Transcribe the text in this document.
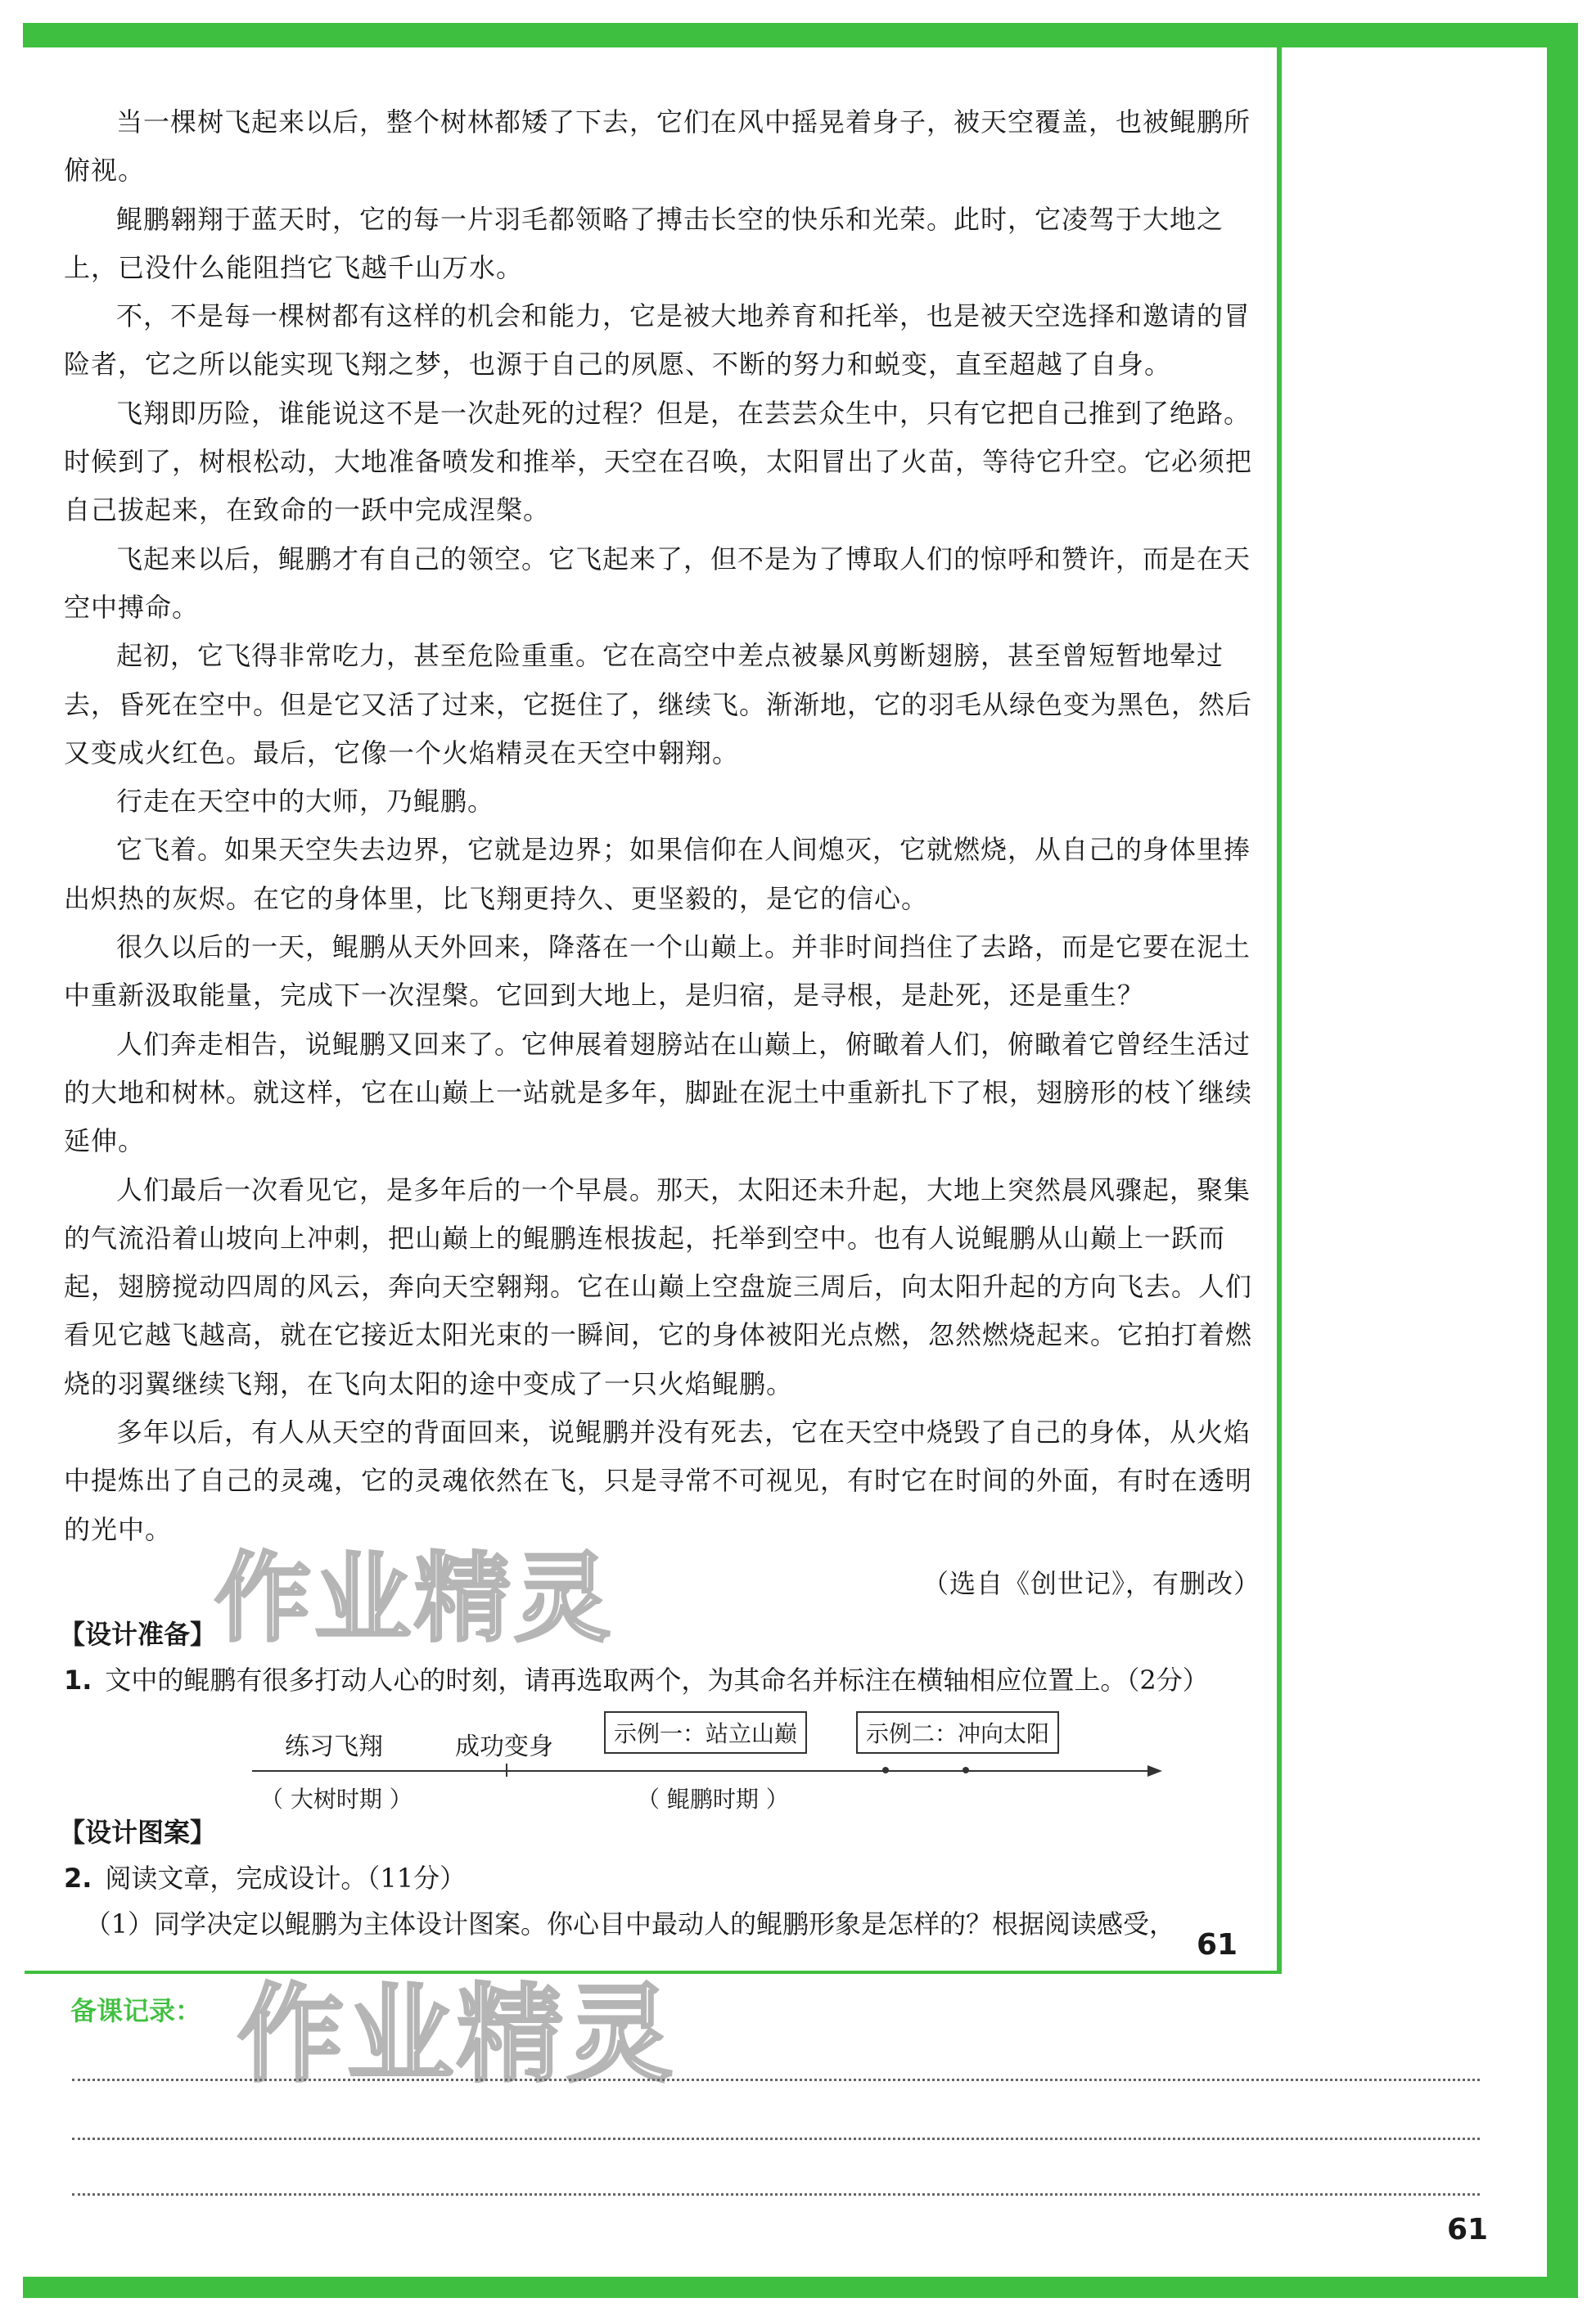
当一棵树飞起来以后，整个树林都矮了下去，它们在风中摇晃着身子，被天空覆盖，也被鲲鹏所俯视。

鲲鹏翱翔于蓝天时，它的每一片羽毛都领略了搏击长空的快乐和光荣。此时，它凌驾于大地之上，已没什么能阻挡它飞越千山万水。

不，不是每一棵树都有这样的机会和能力，它是被大地养育和托举，也是被天空选择和邀请的冒险者，它之所以能实现飞翔之梦，也源于自己的夙愿、不断的努力和蜕变，直至超越了自身。

飞翔即历险，谁能说这不是一次赴死的过程？但是，在芸芸众生中，只有它把自己推到了绝路。时候到了，树根松动，大地准备喷发和推举，天空在召唤，太阳冒出了火苗，等待它升空。它必须把自己拔起来，在致命的一跃中完成涅槃。

飞起来以后，鲲鹏才有自己的领空。它飞起来了，但不是为了博取人们的惊呼和赞许，而是在天空中搏命。

起初，它飞得非常吃力，甚至危险重重。它在高空中差点被暴风剪断翅膀，甚至曾短暂地晕过去，昏死在空中。但是它又活了过来，它挺住了，继续飞。渐渐地，它的羽毛从绿色变为黑色，然后又变成火红色。最后，它像一个火焰精灵在天空中翱翔。

行走在天空中的大师，乃鲲鹏。

它飞着。如果天空失去边界，它就是边界；如果信仰在人间熄灭，它就燃烧，从自己的身体里捧出炽热的灰烬。在它的身体里，比飞翔更持久、更坚毅的，是它的信心。

很久以后的一天，鲲鹏从天外回来，降落在一个山巅上。并非时间挡住了去路，而是它要在泥土中重新汲取能量，完成下一次涅槃。它回到大地上，是归宿，是寻根，是赴死，还是重生？

人们奔走相告，说鲲鹏又回来了。它伸展着翅膀站在山巅上，俯瞰着人们，俯瞰着它曾经生活过的大地和树林。就这样，它在山巅上一站就是多年，脚趾在泥土中重新扎下了根，翅膀形的枝丫继续延伸。

人们最后一次看见它，是多年后的一个早晨。那天，太阳还未升起，大地上突然晨风骤起，聚集的气流沿着山坡向上冲刺，把山巅上的鲲鹏连根拔起，托举到空中。也有人说鲲鹏从山巅上一跃而起，翅膀搅动四周的风云，奔向天空翱翔。它在山巅上空盘旋三周后，向太阳升起的方向飞去。人们看见它越飞越高，就在它接近太阳光束的一瞬间，它的身体被阳光点燃，忽然燃烧起来。它拍打着燃烧的羽翼继续飞翔，在飞向太阳的途中变成了一只火焰鲲鹏。

多年以后，有人从天空的背面回来，说鲲鹏并没有死去，它在天空中烧毁了自己的身体，从火焰中提炼出了自己的灵魂，它的灵魂依然在飞，只是寻常不可视见，有时它在时间的外面，有时在透明的光中。

（选自《创世记》，有删改）

【设计准备】

1. 文中的鲲鹏有很多打动人心的时刻，请再选取两个，为其命名并标注在横轴相应位置上。（2分）

练习飞翔	成功变身	示例一：站立山巅	示例二：冲向太阳
（ 大树时期 ）	（ 鲲鹏时期 ）
【设计图案】

2. 阅读文章，完成设计。（11分）

（1）同学决定以鲲鹏为主体设计图案。你心目中最动人的鲲鹏形象是怎样的？根据阅读感受，

61
作业精灵
作业精灵
备课记录：
61
